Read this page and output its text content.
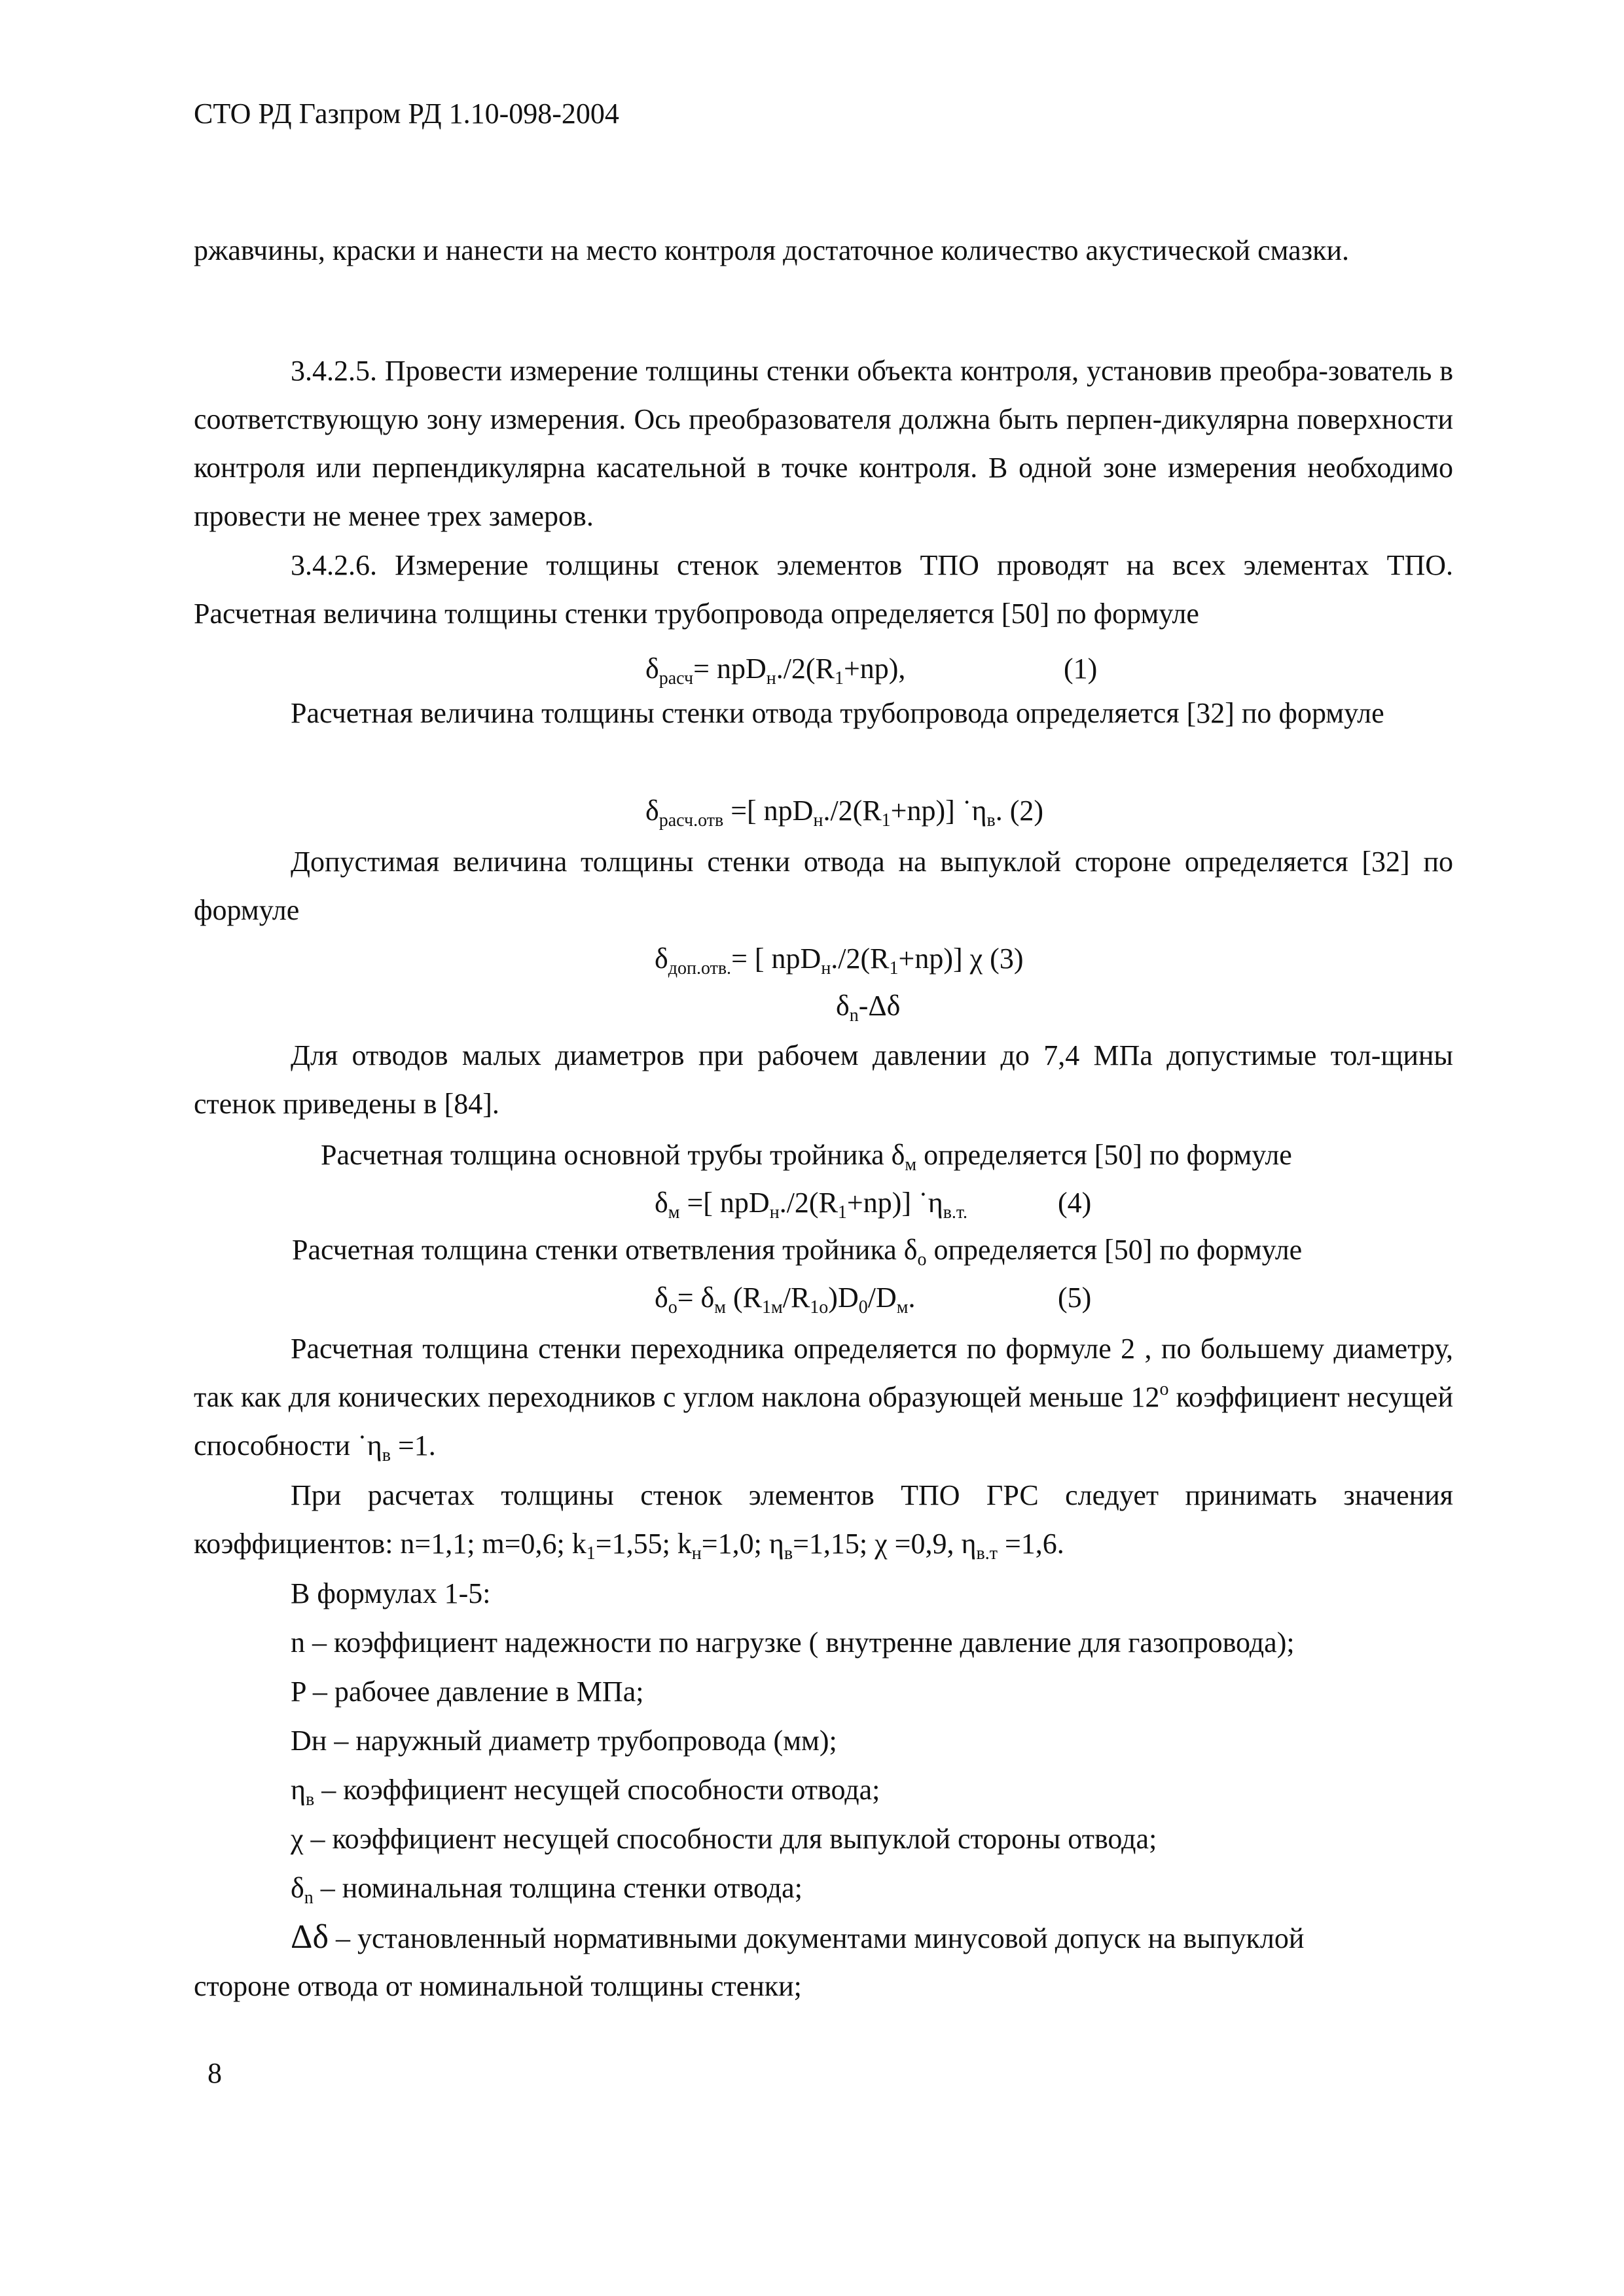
СТО РД Газпром РД 1.10-098-2004
ржавчины, краски и нанести на место контроля достаточное количество акустической смазки.
3.4.2.5. Провести измерение толщины стенки объекта контроля, установив преобра-зователь в соответствующую зону измерения. Ось преобразователя должна быть перпен-дикулярна поверхности контроля или перпендикулярна касательной в точке контроля. В одной зоне измерения необходимо провести не менее трех замеров.
3.4.2.6. Измерение толщины стенок элементов ТПО проводят на всех элементах ТПО. Расчетная величина толщины стенки трубопровода определяется [50] по формуле
$\delta_{расч}= npD_н./2(R_1+np)$,	(1)
Расчетная величина толщины стенки отвода трубопровода определяется [32] по формуле
$\delta_{расч.отв}$ =[ $npD_н./2(R_1+np)$] $˙\eta_в$. (2)
Допустимая величина толщины стенки отвода на выпуклой стороне определяется [32] по формуле
$\delta_{доп.отв.}=$ [ $npD_н./2(R_1+np)$] χ (3)
$\delta_n-\Delta\delta$
Для отводов малых диаметров при рабочем давлении до 7,4 МПа допустимые тол-щины стенок приведены в [84].
Расчетная толщина основной трубы тройника $\delta_м$ определяется [50] по формуле
$\delta_м$ =[ $npD_н./2(R_1+np)$] $˙\eta_{в.т.}$	(4)
Расчетная толщина стенки ответвления тройника $\delta_о$ определяется [50] по формуле
$\delta_о= \delta_м$ $(R_{1м}/R_{1о})D_0/D_м$.	(5)
Расчетная толщина стенки переходника определяется по формуле 2 , по большему диаметру, так как для конических переходников с углом наклона образующей меньше $12^о$ коэффициент несущей способности $˙\eta_в =1$.
При расчетах толщины стенок элементов ТПО ГРС следует принимать значения коэффициентов: n=1,1; m=0,6; $k_1=1,55$; $k_н=1,0$; $\eta_в=1,15$; χ =0,9, $\eta_{в.т} =1,6$.
В формулах 1-5:
n – коэффициент надежности по нагрузке ( внутренне давление для газопровода);
P – рабочее давление в МПа;
Dн – наружный диаметр трубопровода (мм);
$\eta_в$ – коэффициент несущей способности отвода;
χ – коэффициент несущей способности для выпуклой стороны отвода;
$\delta_n$ – номинальная толщина стенки отвода;
Δδ – установленный нормативными документами минусовой допуск на выпуклой
стороне отвода от номинальной толщины стенки;
8
